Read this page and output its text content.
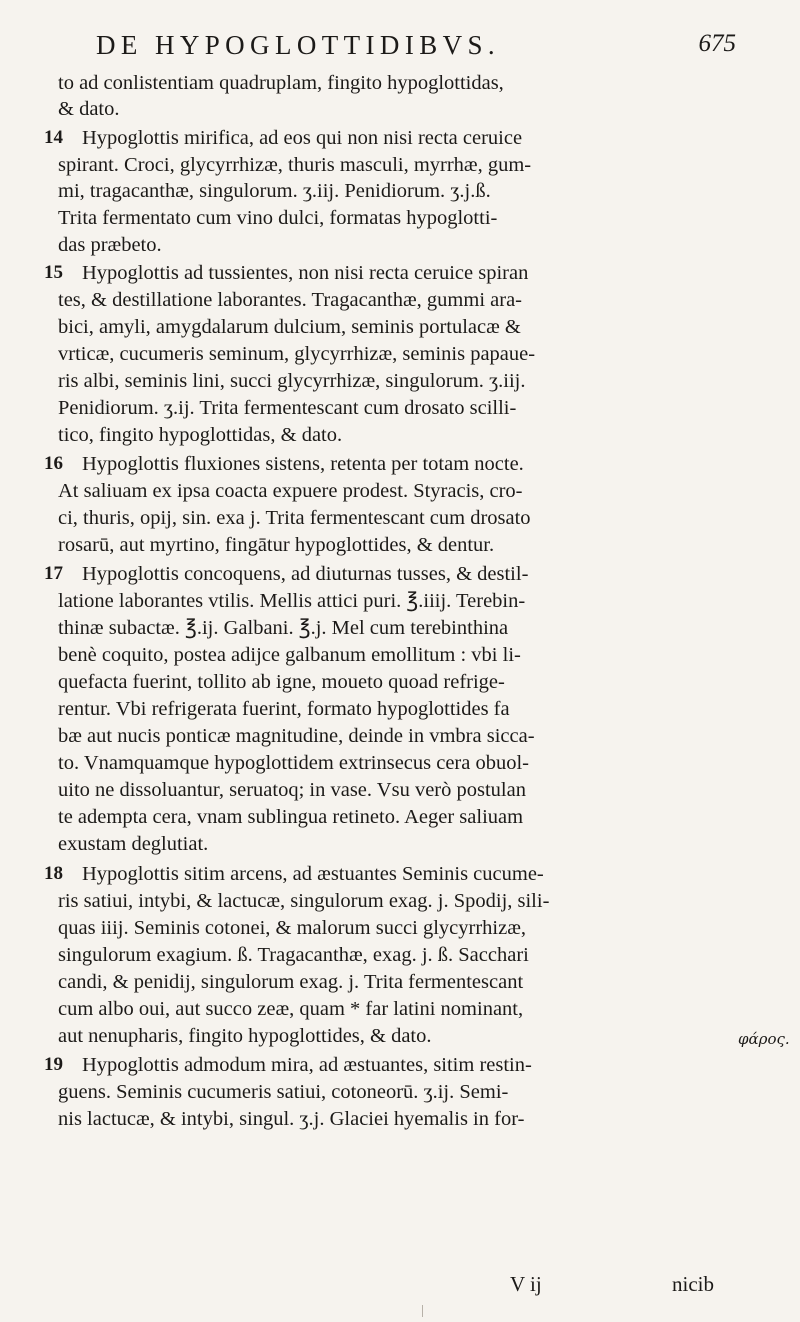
DE HYPOGLOTTIDIBVS.	675
to ad conlistentiam quadruplam, fingito hypoglottidas,
& dato.
14 Hypoglottis mirifica, ad eos qui non nisi recta ceruice
spirant. Croci, glycyrrhizæ, thuris masculi, myrrhæ, gum-
mi, tragacanthæ, singulorum. ʒ.iij. Penidiorum. ʒ.j.ß.
Trita fermentato cum vino dulci, formatas hypoglotti-
das præbeto.
15 Hypoglottis ad tussientes, non nisi recta ceruice spiran
tes, & destillatione laborantes. Tragacanthæ, gummi ara-
bici, amyli, amygdalarum dulcium, seminis portulacæ &
vrticæ, cucumeris seminum, glycyrrhizæ, seminis papaue-
ris albi, seminis lini, succi glycyrrhizæ, singulorum. ʒ.iij.
Penidiorum. ʒ.ij. Trita fermentescant cum drosato scilli-
tico, fingito hypoglottidas, & dato.
16 Hypoglottis fluxiones sistens, retenta per totam nocte.
At saliuam ex ipsa coacta expuere prodest. Styracis, cro-
ci, thuris, opij, sin. exa j. Trita fermentescant cum drosato
rosarū, aut myrtino, fingātur hypoglottides, & dentur.
17 Hypoglottis concoquens, ad diuturnas tusses, & destil-
latione laborantes vtilis. Mellis attici puri. ℥.iiij. Terebin-
thinæ subactæ. ℥.ij. Galbani. ℥.j. Mel cum terebinthina
benè coquito, postea adijce galbanum emollitum : vbi li-
quefacta fuerint, tollito ab igne, moueto quoad refrige-
rentur. Vbi refrigerata fuerint, formato hypoglottides fa
bæ aut nucis ponticæ magnitudine, deinde in vmbra sicca-
to. Vnamquamque hypoglottidem extrinsecus cera obuol-
uito ne dissoluantur, seruatoq; in vase. Vsu verò postulan
te adempta cera, vnam sublingua retineto. Aeger saliuam
exustam deglutiat.
18 Hypoglottis sitim arcens, ad æstuantes Seminis cucume-
ris satiui, intybi, & lactucæ, singulorum exag. j. Spodij, sili-
quas iiij. Seminis cotonei, & malorum succi glycyrrhizæ,
singulorum exagium. ß. Tragacanthæ, exag. j. ß. Sacchari
candi, & penidij, singulorum exag. j. Trita fermentescant
cum albo oui, aut succo zeæ, quam * far latini nominant,
aut nenupharis, fingito hypoglottides, & dato.
19 Hypoglottis admodum mira, ad æstuantes, sitim restin-
guens. Seminis cucumeris satiui, cotoneorū. ʒ.ij. Semi-
nis lactucæ, & intybi, singul. ʒ.j. Glaciei hyemalis in for-
φάρος.
V ij	nicib
